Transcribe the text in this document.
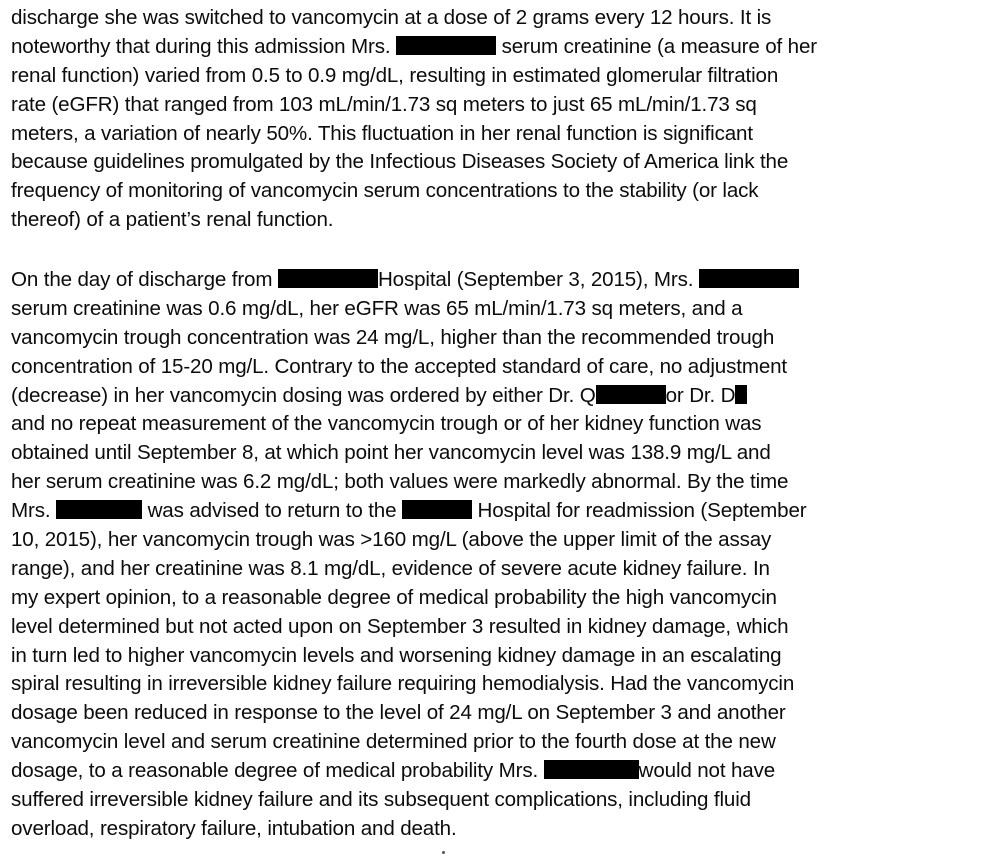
discharge she was switched to vancomycin at a dose of 2 grams every 12 hours. It is
noteworthy that during this admission Mrs.	serum creatinine (a measure of her
renal function) varied from 0.5 to 0.9 mg/dL, resulting in estimated glomerular filtration
rate (eGFR) that ranged from 103 mL/min/1.73 sq meters to just 65 mL/min/1.73 sq
meters, a variation of nearly 50%. This fluctuation in her renal function is significant
because guidelines promulgated by the Infectious Diseases Society of America link the
frequency of monitoring of vancomycin serum concentrations to the stability (or lack
thereof) of a patient’s renal function.
On the day of discharge from	Hospital (September 3, 2015), Mrs.
serum creatinine was 0.6 mg/dL, her eGFR was 65 mL/min/1.73 sq meters, and a
vancomycin trough concentration was 24 mg/L, higher than the recommended trough
concentration of 15-20 mg/L. Contrary to the accepted standard of care, no adjustment
(decrease) in her vancomycin dosing was ordered by either Dr. Q	or Dr. D
and no repeat measurement of the vancomycin trough or of her kidney function was
obtained until September 8, at which point her vancomycin level was 138.9 mg/L and
her serum creatinine was 6.2 mg/dL; both values were markedly abnormal. By the time
Mrs.	was advised to return to the	Hospital for readmission (September
10, 2015), her vancomycin trough was >160 mg/L (above the upper limit of the assay
range), and her creatinine was 8.1 mg/dL, evidence of severe acute kidney failure. In
my expert opinion, to a reasonable degree of medical probability the high vancomycin
level determined but not acted upon on September 3 resulted in kidney damage, which
in turn led to higher vancomycin levels and worsening kidney damage in an escalating
spiral resulting in irreversible kidney failure requiring hemodialysis. Had the vancomycin
dosage been reduced in response to the level of 24 mg/L on September 3 and another
vancomycin level and serum creatinine determined prior to the fourth dose at the new
dosage, to a reasonable degree of medical probability Mrs.	would not have
suffered irreversible kidney failure and its subsequent complications, including fluid
overload, respiratory failure, intubation and death.
